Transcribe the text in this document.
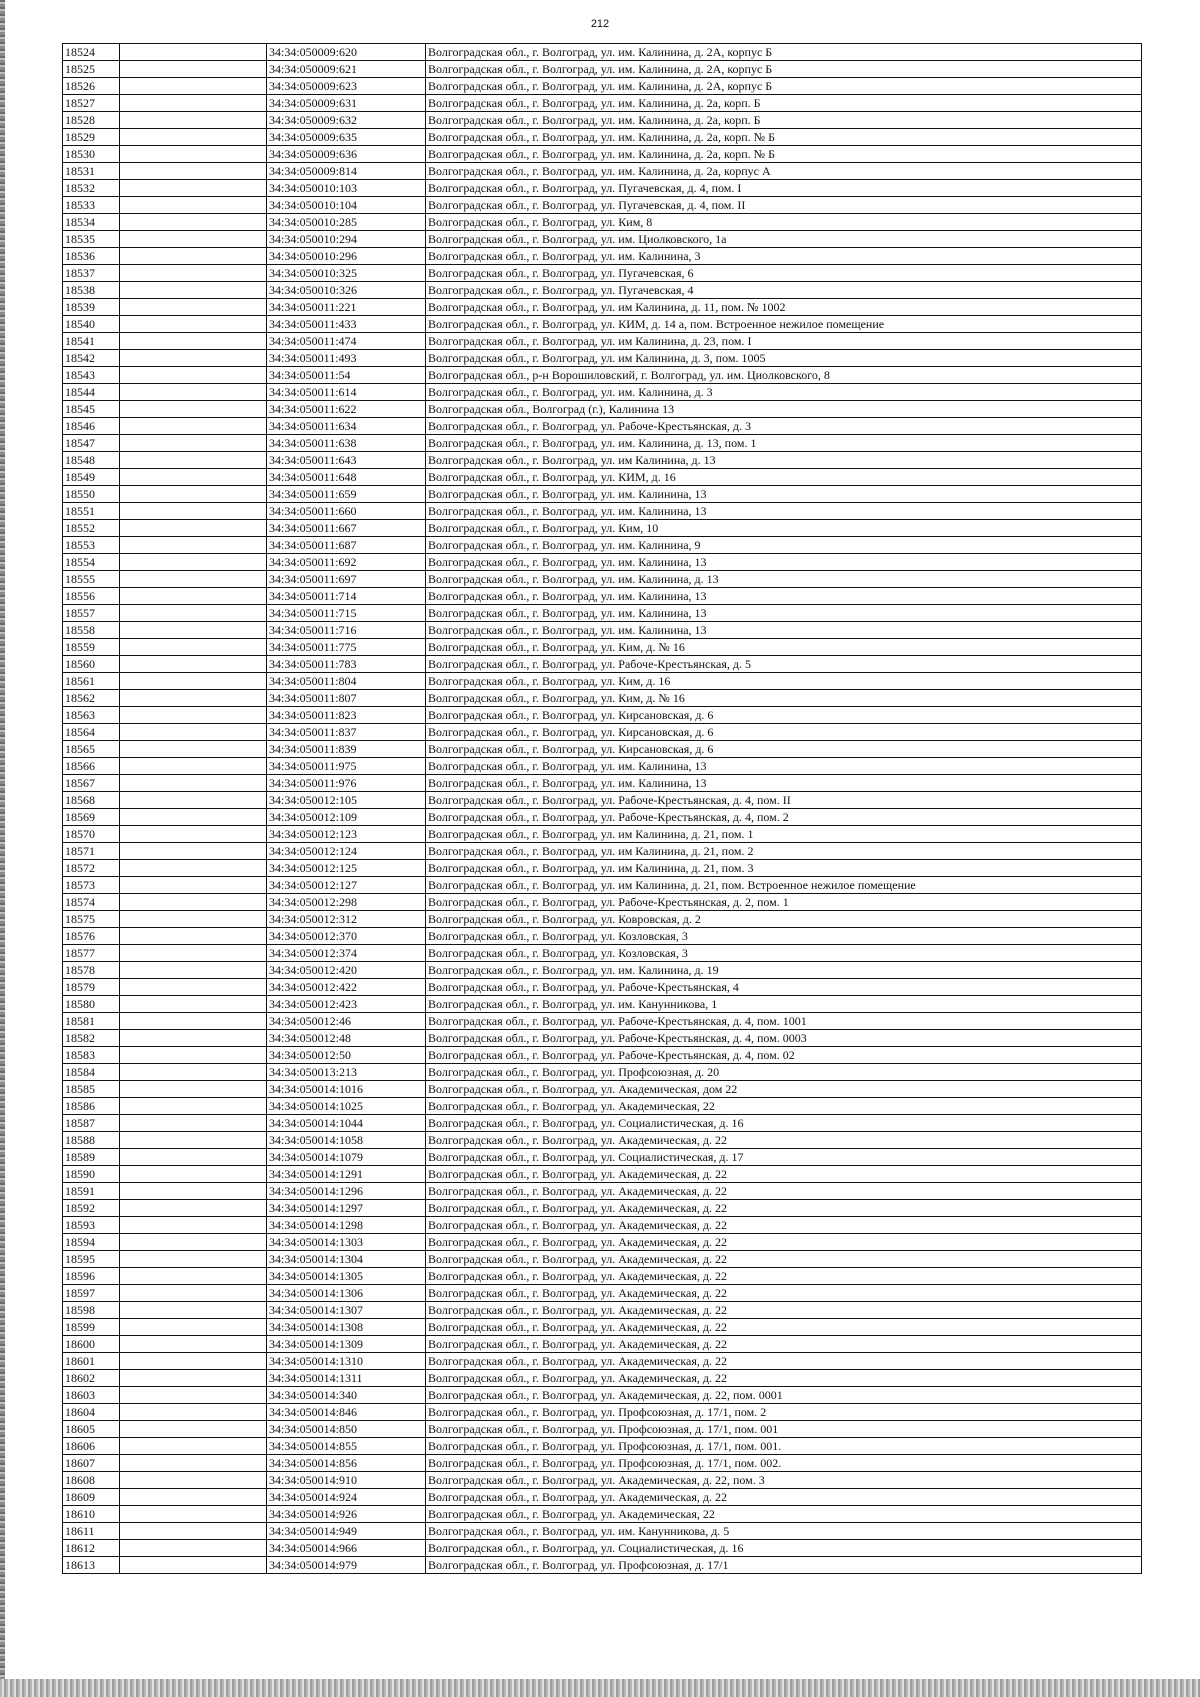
212
18524		34:34:050009:620	Волгоградская обл., г. Волгоград, ул. им. Калинина, д. 2А, корпус Б
18525		34:34:050009:621	Волгоградская обл., г. Волгоград, ул. им. Калинина, д. 2А, корпус Б
18526		34:34:050009:623	Волгоградская обл., г. Волгоград, ул. им. Калинина, д. 2А, корпус Б
18527		34:34:050009:631	Волгоградская обл., г. Волгоград, ул. им. Калинина, д. 2а, корп. Б
18528		34:34:050009:632	Волгоградская обл., г. Волгоград, ул. им. Калинина, д. 2а, корп. Б
18529		34:34:050009:635	Волгоградская обл., г. Волгоград, ул. им. Калинина, д. 2а, корп. № Б
18530		34:34:050009:636	Волгоградская обл., г. Волгоград, ул. им. Калинина, д. 2а, корп. № Б
18531		34:34:050009:814	Волгоградская обл., г. Волгоград, ул. им. Калинина, д. 2а, корпус А
18532		34:34:050010:103	Волгоградская обл., г. Волгоград, ул. Пугачевская, д. 4, пом. I
18533		34:34:050010:104	Волгоградская обл., г. Волгоград, ул. Пугачевская, д. 4, пом. II
18534		34:34:050010:285	Волгоградская обл., г. Волгоград, ул. Ким, 8
18535		34:34:050010:294	Волгоградская обл., г. Волгоград, ул. им. Циолковского, 1а
18536		34:34:050010:296	Волгоградская обл., г. Волгоград, ул. им. Калинина, 3
18537		34:34:050010:325	Волгоградская обл., г. Волгоград, ул. Пугачевская, 6
18538		34:34:050010:326	Волгоградская обл., г. Волгоград, ул. Пугачевская, 4
18539		34:34:050011:221	Волгоградская обл., г. Волгоград, ул. им Калинина, д. 11, пом. № 1002
18540		34:34:050011:433	Волгоградская обл., г. Волгоград, ул. КИМ, д. 14 а, пом. Встроенное нежилое помещение
18541		34:34:050011:474	Волгоградская обл., г. Волгоград, ул. им Калинина, д. 23, пом. I
18542		34:34:050011:493	Волгоградская обл., г. Волгоград, ул. им Калинина, д. 3, пом. 1005
18543		34:34:050011:54	Волгоградская обл., р-н Ворошиловский, г. Волгоград, ул. им. Циолковского, 8
18544		34:34:050011:614	Волгоградская обл., г. Волгоград, ул. им. Калинина, д. 3
18545		34:34:050011:622	Волгоградская обл., Волгоград (г.), Калинина 13
18546		34:34:050011:634	Волгоградская обл., г. Волгоград, ул. Рабоче-Крестьянская, д. 3
18547		34:34:050011:638	Волгоградская обл., г. Волгоград, ул. им. Калинина, д. 13, пом. 1
18548		34:34:050011:643	Волгоградская обл., г. Волгоград, ул. им Калинина, д. 13
18549		34:34:050011:648	Волгоградская обл., г. Волгоград, ул. КИМ, д. 16
18550		34:34:050011:659	Волгоградская обл., г. Волгоград, ул. им. Калинина, 13
18551		34:34:050011:660	Волгоградская обл., г. Волгоград, ул. им. Калинина, 13
18552		34:34:050011:667	Волгоградская обл., г. Волгоград, ул. Ким, 10
18553		34:34:050011:687	Волгоградская обл., г. Волгоград, ул. им. Калинина, 9
18554		34:34:050011:692	Волгоградская обл., г. Волгоград, ул. им. Калинина, 13
18555		34:34:050011:697	Волгоградская обл., г. Волгоград, ул. им. Калинина, д. 13
18556		34:34:050011:714	Волгоградская обл., г. Волгоград, ул. им. Калинина, 13
18557		34:34:050011:715	Волгоградская обл., г. Волгоград, ул. им. Калинина, 13
18558		34:34:050011:716	Волгоградская обл., г. Волгоград, ул. им. Калинина, 13
18559		34:34:050011:775	Волгоградская обл., г. Волгоград, ул. Ким, д. № 16
18560		34:34:050011:783	Волгоградская обл., г. Волгоград, ул. Рабоче-Крестьянская, д. 5
18561		34:34:050011:804	Волгоградская обл., г. Волгоград, ул. Ким, д. 16
18562		34:34:050011:807	Волгоградская обл., г. Волгоград, ул. Ким, д. № 16
18563		34:34:050011:823	Волгоградская обл., г. Волгоград, ул. Кирсановская, д. 6
18564		34:34:050011:837	Волгоградская обл., г. Волгоград, ул. Кирсановская, д. 6
18565		34:34:050011:839	Волгоградская обл., г. Волгоград, ул. Кирсановская, д. 6
18566		34:34:050011:975	Волгоградская обл., г. Волгоград, ул. им. Калинина, 13
18567		34:34:050011:976	Волгоградская обл., г. Волгоград, ул. им. Калинина, 13
18568		34:34:050012:105	Волгоградская обл., г. Волгоград, ул. Рабоче-Крестьянская, д. 4, пом. II
18569		34:34:050012:109	Волгоградская обл., г. Волгоград, ул. Рабоче-Крестьянская, д. 4, пом. 2
18570		34:34:050012:123	Волгоградская обл., г. Волгоград, ул. им Калинина, д. 21, пом. 1
18571		34:34:050012:124	Волгоградская обл., г. Волгоград, ул. им Калинина, д. 21, пом. 2
18572		34:34:050012:125	Волгоградская обл., г. Волгоград, ул. им Калинина, д. 21, пом. 3
18573		34:34:050012:127	Волгоградская обл., г. Волгоград, ул. им Калинина, д. 21, пом. Встроенное нежилое помещение
18574		34:34:050012:298	Волгоградская обл., г. Волгоград, ул. Рабоче-Крестьянская, д. 2, пом. 1
18575		34:34:050012:312	Волгоградская обл., г. Волгоград, ул. Ковровская, д. 2
18576		34:34:050012:370	Волгоградская обл., г. Волгоград, ул. Козловская, 3
18577		34:34:050012:374	Волгоградская обл., г. Волгоград, ул. Козловская, 3
18578		34:34:050012:420	Волгоградская обл., г. Волгоград, ул. им. Калинина, д. 19
18579		34:34:050012:422	Волгоградская обл., г. Волгоград, ул. Рабоче-Крестьянская, 4
18580		34:34:050012:423	Волгоградская обл., г. Волгоград, ул. им. Канунникова, 1
18581		34:34:050012:46	Волгоградская обл., г. Волгоград, ул. Рабоче-Крестьянская, д. 4, пом. 1001
18582		34:34:050012:48	Волгоградская обл., г. Волгоград, ул. Рабоче-Крестьянская, д. 4, пом. 0003
18583		34:34:050012:50	Волгоградская обл., г. Волгоград, ул. Рабоче-Крестьянская, д. 4, пом. 02
18584		34:34:050013:213	Волгоградская обл., г. Волгоград, ул. Профсоюзная, д. 20
18585		34:34:050014:1016	Волгоградская обл., г. Волгоград, ул. Академическая, дом 22
18586		34:34:050014:1025	Волгоградская обл., г. Волгоград, ул. Академическая, 22
18587		34:34:050014:1044	Волгоградская обл., г. Волгоград, ул. Социалистическая, д. 16
18588		34:34:050014:1058	Волгоградская обл., г. Волгоград, ул. Академическая, д. 22
18589		34:34:050014:1079	Волгоградская обл., г. Волгоград, ул. Социалистическая, д. 17
18590		34:34:050014:1291	Волгоградская обл., г. Волгоград, ул. Академическая, д. 22
18591		34:34:050014:1296	Волгоградская обл., г. Волгоград, ул. Академическая, д. 22
18592		34:34:050014:1297	Волгоградская обл., г. Волгоград, ул. Академическая, д. 22
18593		34:34:050014:1298	Волгоградская обл., г. Волгоград, ул. Академическая, д. 22
18594		34:34:050014:1303	Волгоградская обл., г. Волгоград, ул. Академическая, д. 22
18595		34:34:050014:1304	Волгоградская обл., г. Волгоград, ул. Академическая, д. 22
18596		34:34:050014:1305	Волгоградская обл., г. Волгоград, ул. Академическая, д. 22
18597		34:34:050014:1306	Волгоградская обл., г. Волгоград, ул. Академическая, д. 22
18598		34:34:050014:1307	Волгоградская обл., г. Волгоград, ул. Академическая, д. 22
18599		34:34:050014:1308	Волгоградская обл., г. Волгоград, ул. Академическая, д. 22
18600		34:34:050014:1309	Волгоградская обл., г. Волгоград, ул. Академическая, д. 22
18601		34:34:050014:1310	Волгоградская обл., г. Волгоград, ул. Академическая, д. 22
18602		34:34:050014:1311	Волгоградская обл., г. Волгоград, ул. Академическая, д. 22
18603		34:34:050014:340	Волгоградская обл., г. Волгоград, ул. Академическая, д. 22, пом. 0001
18604		34:34:050014:846	Волгоградская обл., г. Волгоград, ул. Профсоюзная, д. 17/1, пом. 2
18605		34:34:050014:850	Волгоградская обл., г. Волгоград, ул. Профсоюзная, д. 17/1, пом. 001
18606		34:34:050014:855	Волгоградская обл., г. Волгоград, ул. Профсоюзная, д. 17/1, пом. 001.
18607		34:34:050014:856	Волгоградская обл., г. Волгоград, ул. Профсоюзная, д. 17/1, пом. 002.
18608		34:34:050014:910	Волгоградская обл., г. Волгоград, ул. Академическая, д. 22, пом. 3
18609		34:34:050014:924	Волгоградская обл., г. Волгоград, ул. Академическая, д. 22
18610		34:34:050014:926	Волгоградская обл., г. Волгоград, ул. Академическая, 22
18611		34:34:050014:949	Волгоградская обл., г. Волгоград, ул. им. Канунникова, д. 5
18612		34:34:050014:966	Волгоградская обл., г. Волгоград, ул. Социалистическая, д. 16
18613		34:34:050014:979	Волгоградская обл., г. Волгоград, ул. Профсоюзная, д. 17/1
